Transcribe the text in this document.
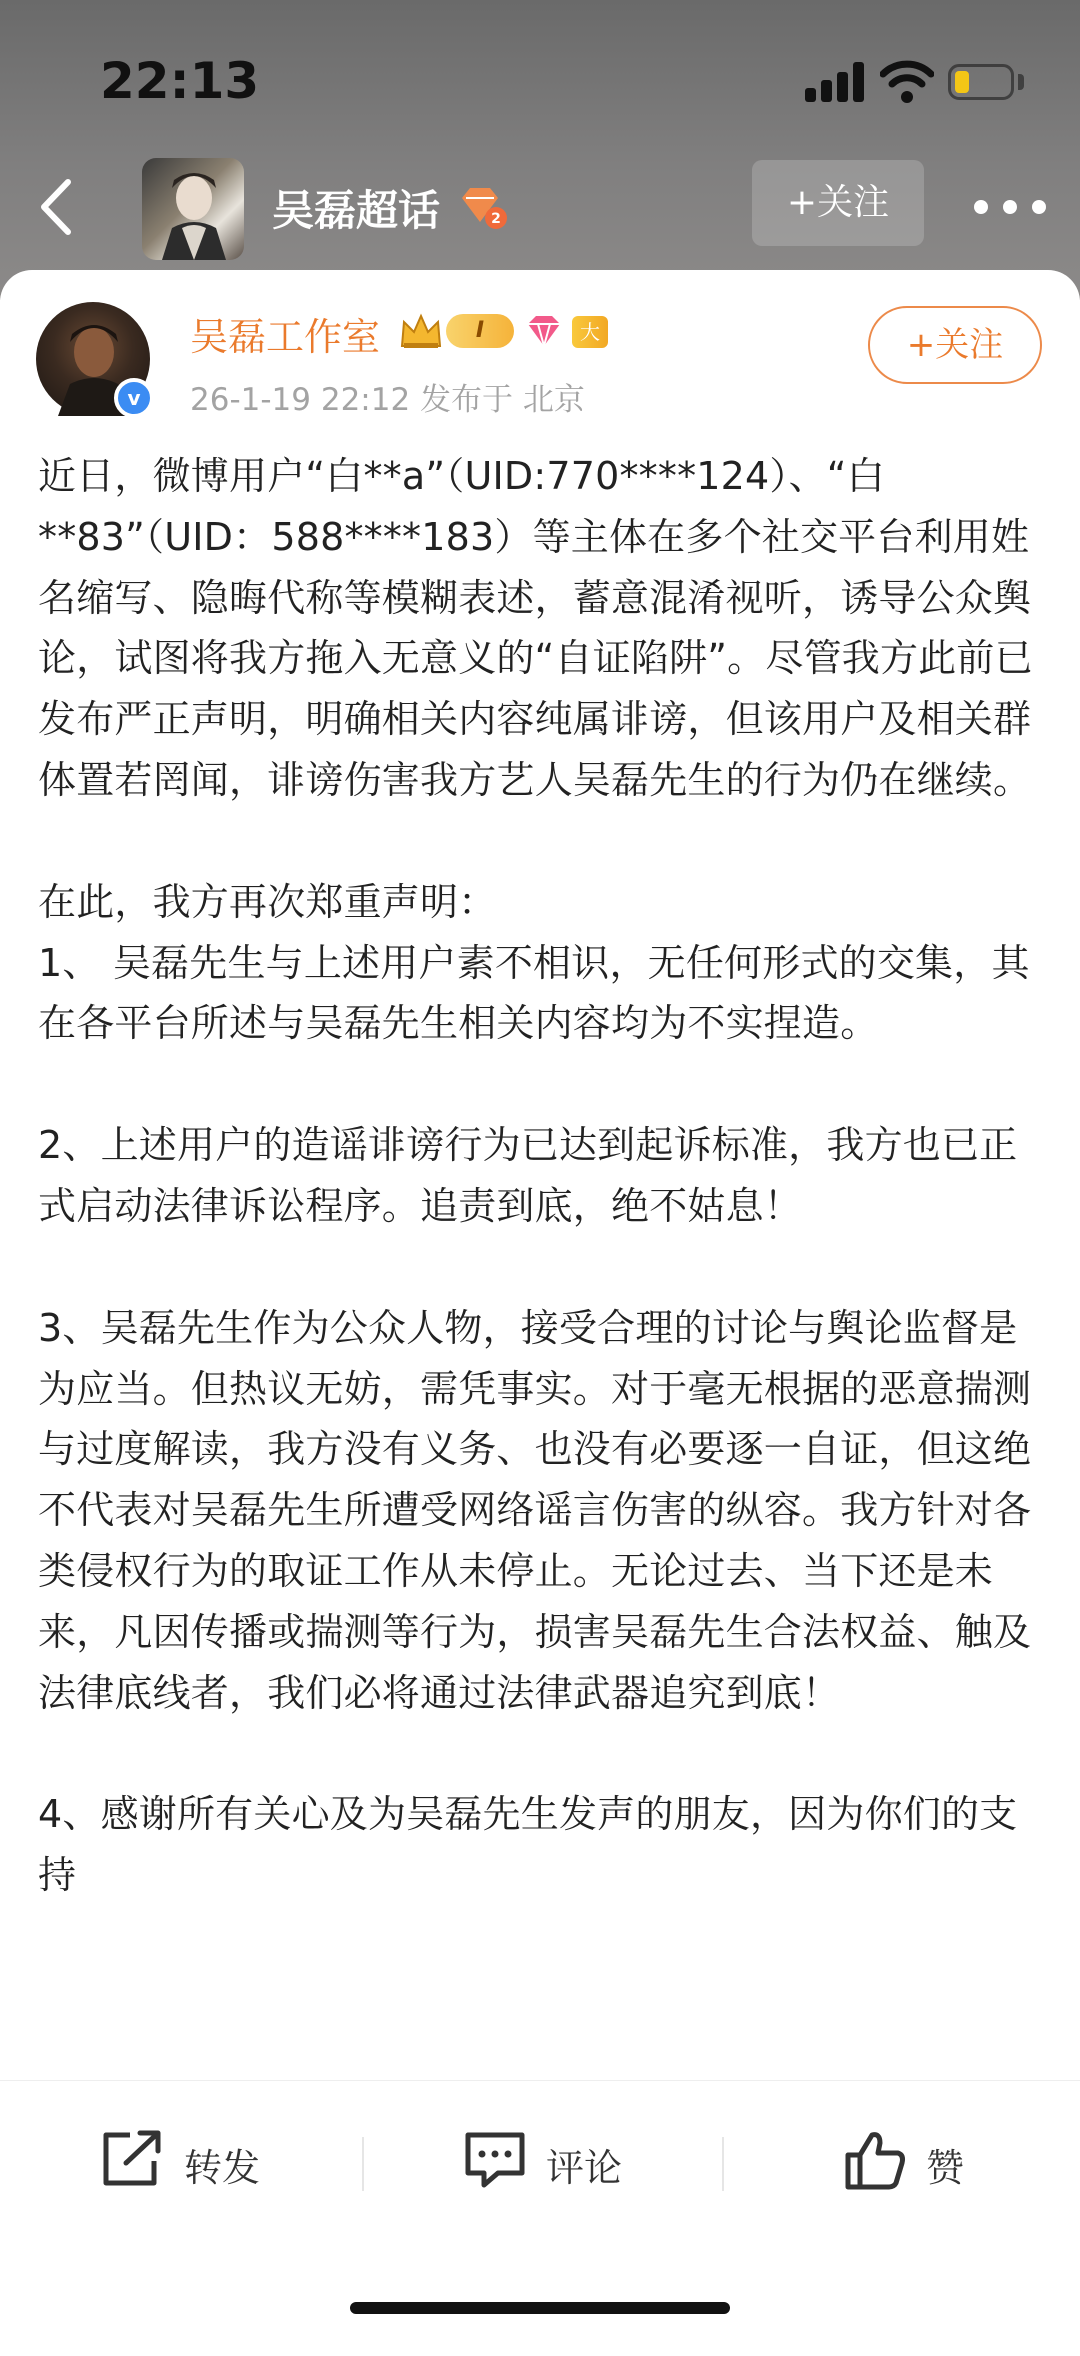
22:13
吴磊超话	2	+关注
v
吴磊工作室	I	大咖
26-1-19 22:12 发布于 北京
+关注

近日，微博用户“白**a”（UID:770****124）、“白**83”（UID：588****183）等主体在多个社交平台利用姓名缩写、隐晦代称等模糊表述，蓄意混淆视听，诱导公众舆论，试图将我方拖入无意义的“自证陷阱”。尽管我方此前已发布严正声明，明确相关内容纯属诽谤，但该用户及相关群体置若罔闻，诽谤伤害我方艺人吴磊先生的行为仍在继续。

在此，我方再次郑重声明：

1、 吴磊先生与上述用户素不相识，无任何形式的交集，其在各平台所述与吴磊先生相关内容均为不实捏造。

2、上述用户的造谣诽谤行为已达到起诉标准，我方也已正式启动法律诉讼程序。追责到底，绝不姑息！

3、吴磊先生作为公众人物，接受合理的讨论与舆论监督是为应当。但热议无妨，需凭事实。对于毫无根据的恶意揣测与过度解读，我方没有义务、也没有必要逐一自证，但这绝不代表对吴磊先生所遭受网络谣言伤害的纵容。我方针对各类侵权行为的取证工作从未停止。无论过去、当下还是未来，凡因传播或揣测等行为，损害吴磊先生合法权益、触及法律底线者，我们必将通过法律武器追究到底！

4、感谢所有关心及为吴磊先生发声的朋友，因为你们的支持

转发	评论	赞
